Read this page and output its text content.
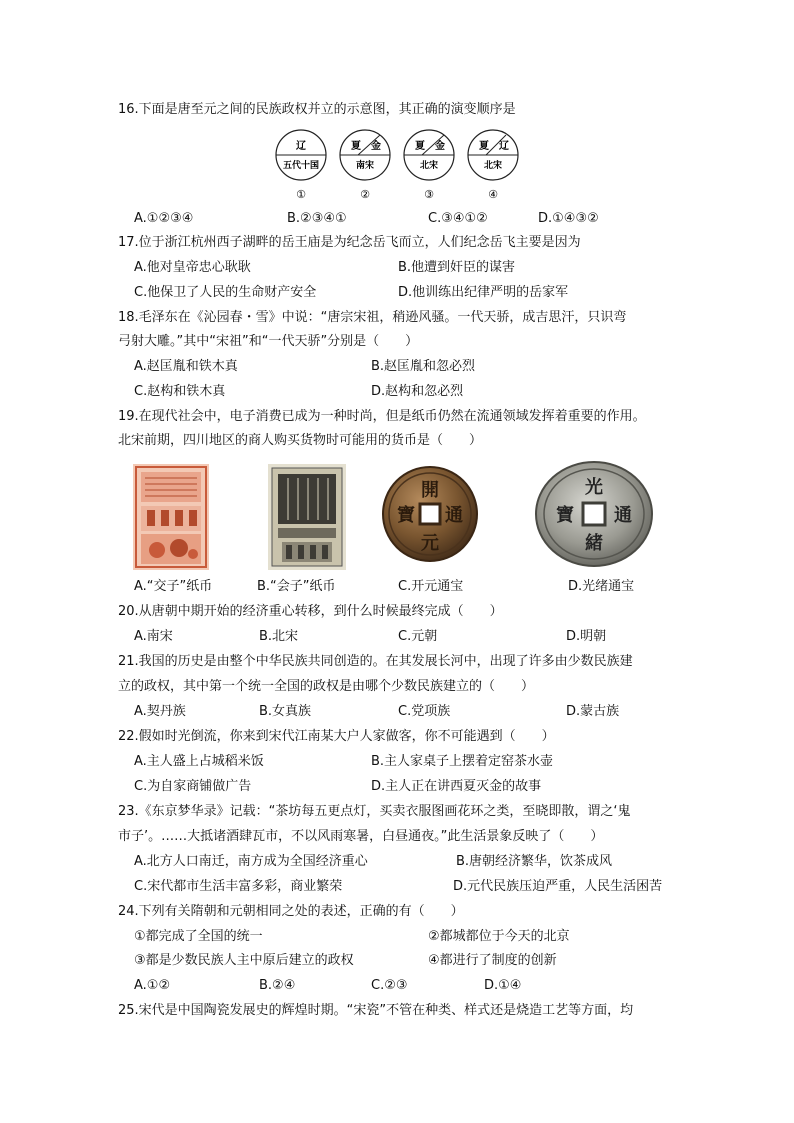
16.下面是唐至元之间的民族政权并立的示意图，其正确的演变顺序是
辽
五代十国
①
夏 金
南宋
②
夏 金
北宋
③
夏 辽
北宋
④
A.①②③④	B.②③④①	C.③④①②	D.①④③②
17.位于浙江杭州西子湖畔的岳王庙是为纪念岳飞而立，人们纪念岳飞主要是因为
A.他对皇帝忠心耿耿	B.他遭到奸臣的谋害
C.他保卫了人民的生命财产安全	D.他训练出纪律严明的岳家军
18.毛泽东在《沁园春・雪》中说：“唐宗宋祖，稍逊风骚。一代天骄，成吉思汗，只识弯
弓射大雕。”其中“宋祖”和“一代天骄”分别是（　　）
A.赵匡胤和铁木真	B.赵匡胤和忽必烈
C.赵构和铁木真	D.赵构和忽必烈
19.在现代社会中，电子消费已成为一种时尚，但是纸币仍然在流通领域发挥着重要的作用。
北宋前期，四川地区的商人购买货物时可能用的货币是（　　）
開
元
寶 通
光
緒
寶 通
A.“交子”纸币	B.“会子”纸币	C.开元通宝	D.光绪通宝
20.从唐朝中期开始的经济重心转移，到什么时候最终完成（　　）
A.南宋	B.北宋	C.元朝	D.明朝
21.我国的历史是由整个中华民族共同创造的。在其发展长河中，出现了许多由少数民族建
立的政权，其中第一个统一全国的政权是由哪个少数民族建立的（　　）
A.契丹族	B.女真族	C.党项族	D.蒙古族
22.假如时光倒流，你来到宋代江南某大户人家做客，你不可能遇到（　　）
A.主人盛上占城稻米饭	B.主人家桌子上摆着定窑茶水壶
C.为自家商铺做广告	D.主人正在讲西夏灭金的故事
23.《东京梦华录》记载：“茶坊每五更点灯，买卖衣服图画花环之类，至晓即散，谓之‘鬼
市子’。……大抵诸酒肆瓦市，不以风雨寒暑，白昼通夜。”此生活景象反映了（　　）
A.北方人口南迁，南方成为全国经济重心	B.唐朝经济繁华，饮茶成风
C.宋代都市生活丰富多彩，商业繁荣	D.元代民族压迫严重，人民生活困苦
24.下列有关隋朝和元朝相同之处的表述，正确的有（　　）
①都完成了全国的统一	②都城都位于今天的北京
③都是少数民族人主中原后建立的政权	④都进行了制度的创新
A.①②	B.②④	C.②③	D.①④
25.宋代是中国陶瓷发展史的辉煌时期。“宋瓷”不管在种类、样式还是烧造工艺等方面，均
